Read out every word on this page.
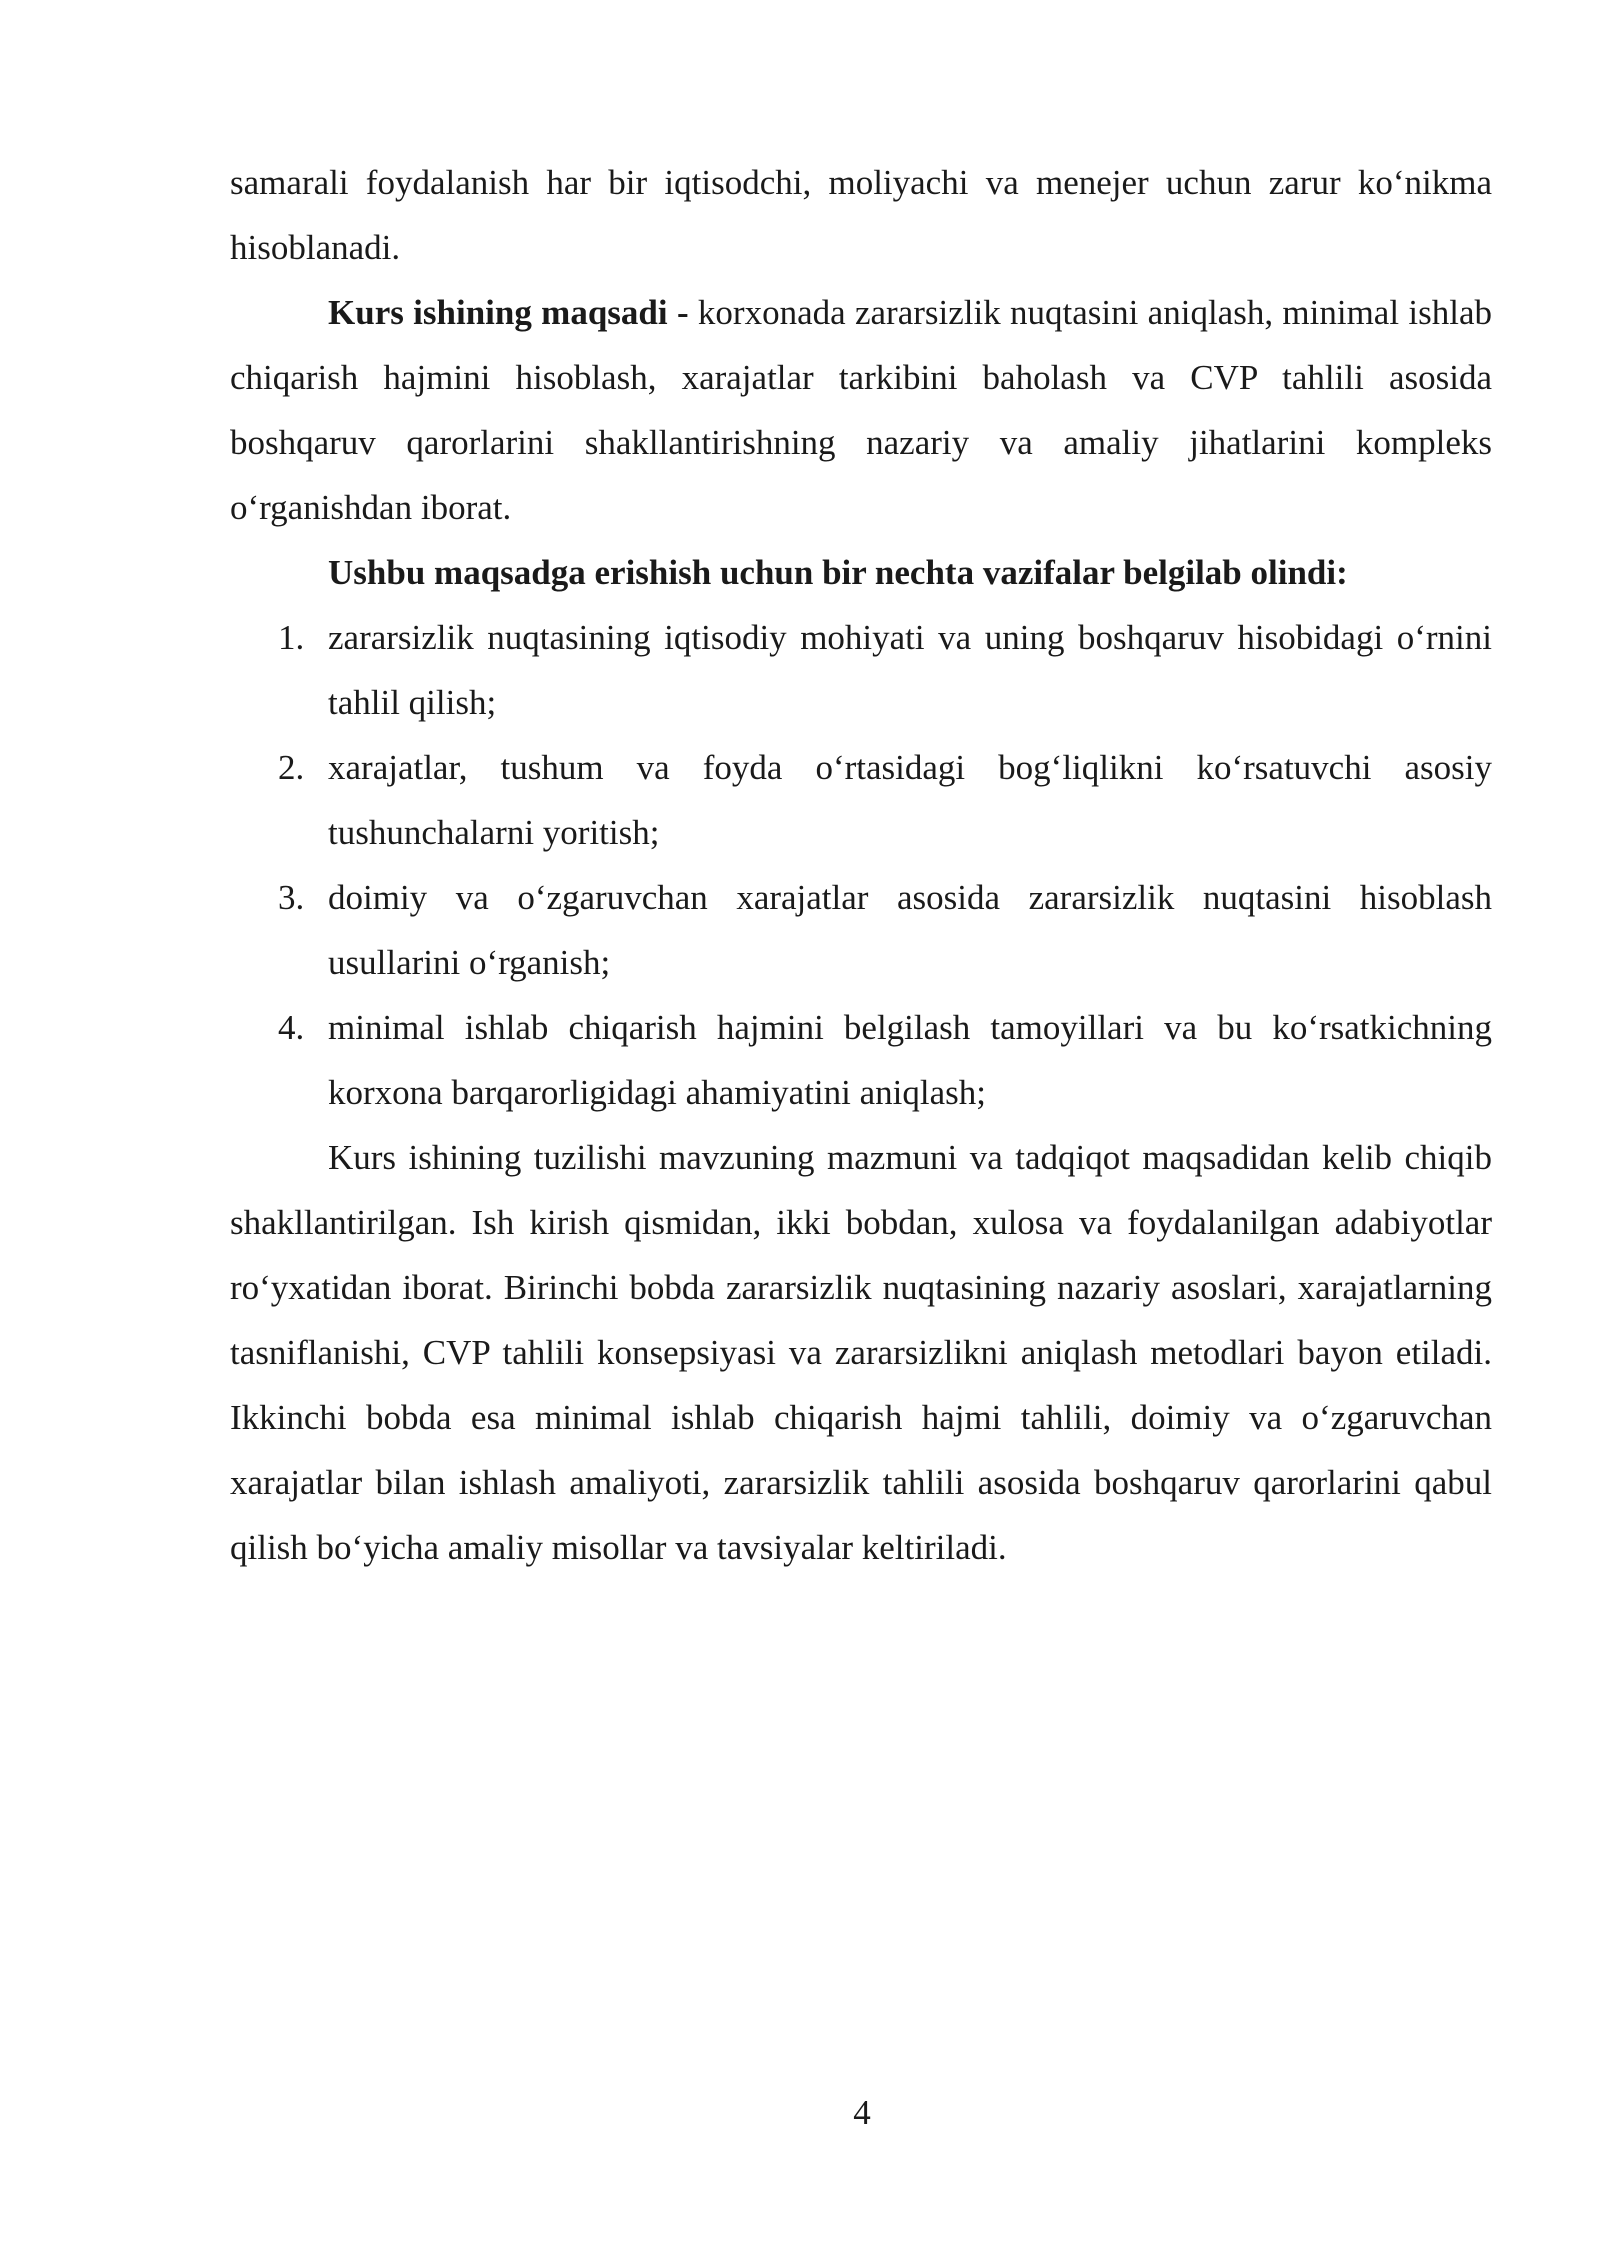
samarali foydalanish har bir iqtisodchi, moliyachi va menejer uchun zarur ko‘nikma hisoblanadi.

Kurs ishining maqsadi - korxonada zararsizlik nuqtasini aniqlash, minimal ishlab chiqarish hajmini hisoblash, xarajatlar tarkibini baholash va CVP tahlili asosida boshqaruv qarorlarini shakllantirishning nazariy va amaliy jihatlarini kompleks o‘rganishdan iborat.

Ushbu maqsadga erishish uchun bir nechta vazifalar belgilab olindi:

1. zararsizlik nuqtasining iqtisodiy mohiyati va uning boshqaruv hisobidagi o‘rnini tahlil qilish;
2. xarajatlar, tushum va foyda o‘rtasidagi bog‘liqlikni ko‘rsatuvchi asosiy tushunchalarni yoritish;
3. doimiy va o‘zgaruvchan xarajatlar asosida zararsizlik nuqtasini hisoblash usullarini o‘rganish;
4. minimal ishlab chiqarish hajmini belgilash tamoyillari va bu ko‘rsatkichning korxona barqarorligidagi ahamiyatini aniqlash;

Kurs ishining tuzilishi mavzuning mazmuni va tadqiqot maqsadidan kelib chiqib shakllantirilgan. Ish kirish qismidan, ikki bobdan, xulosa va foydalanilgan adabiyotlar ro‘yxatidan iborat. Birinchi bobda zararsizlik nuqtasining nazariy asoslari, xarajatlarning tasniflanishi, CVP tahlili konsepsiyasi va zararsizlikni aniqlash metodlari bayon etiladi. Ikkinchi bobda esa minimal ishlab chiqarish hajmi tahlili, doimiy va o‘zgaruvchan xarajatlar bilan ishlash amaliyoti, zararsizlik tahlili asosida boshqaruv qarorlarini qabul qilish bo‘yicha amaliy misollar va tavsiyalar keltiriladi.

4
